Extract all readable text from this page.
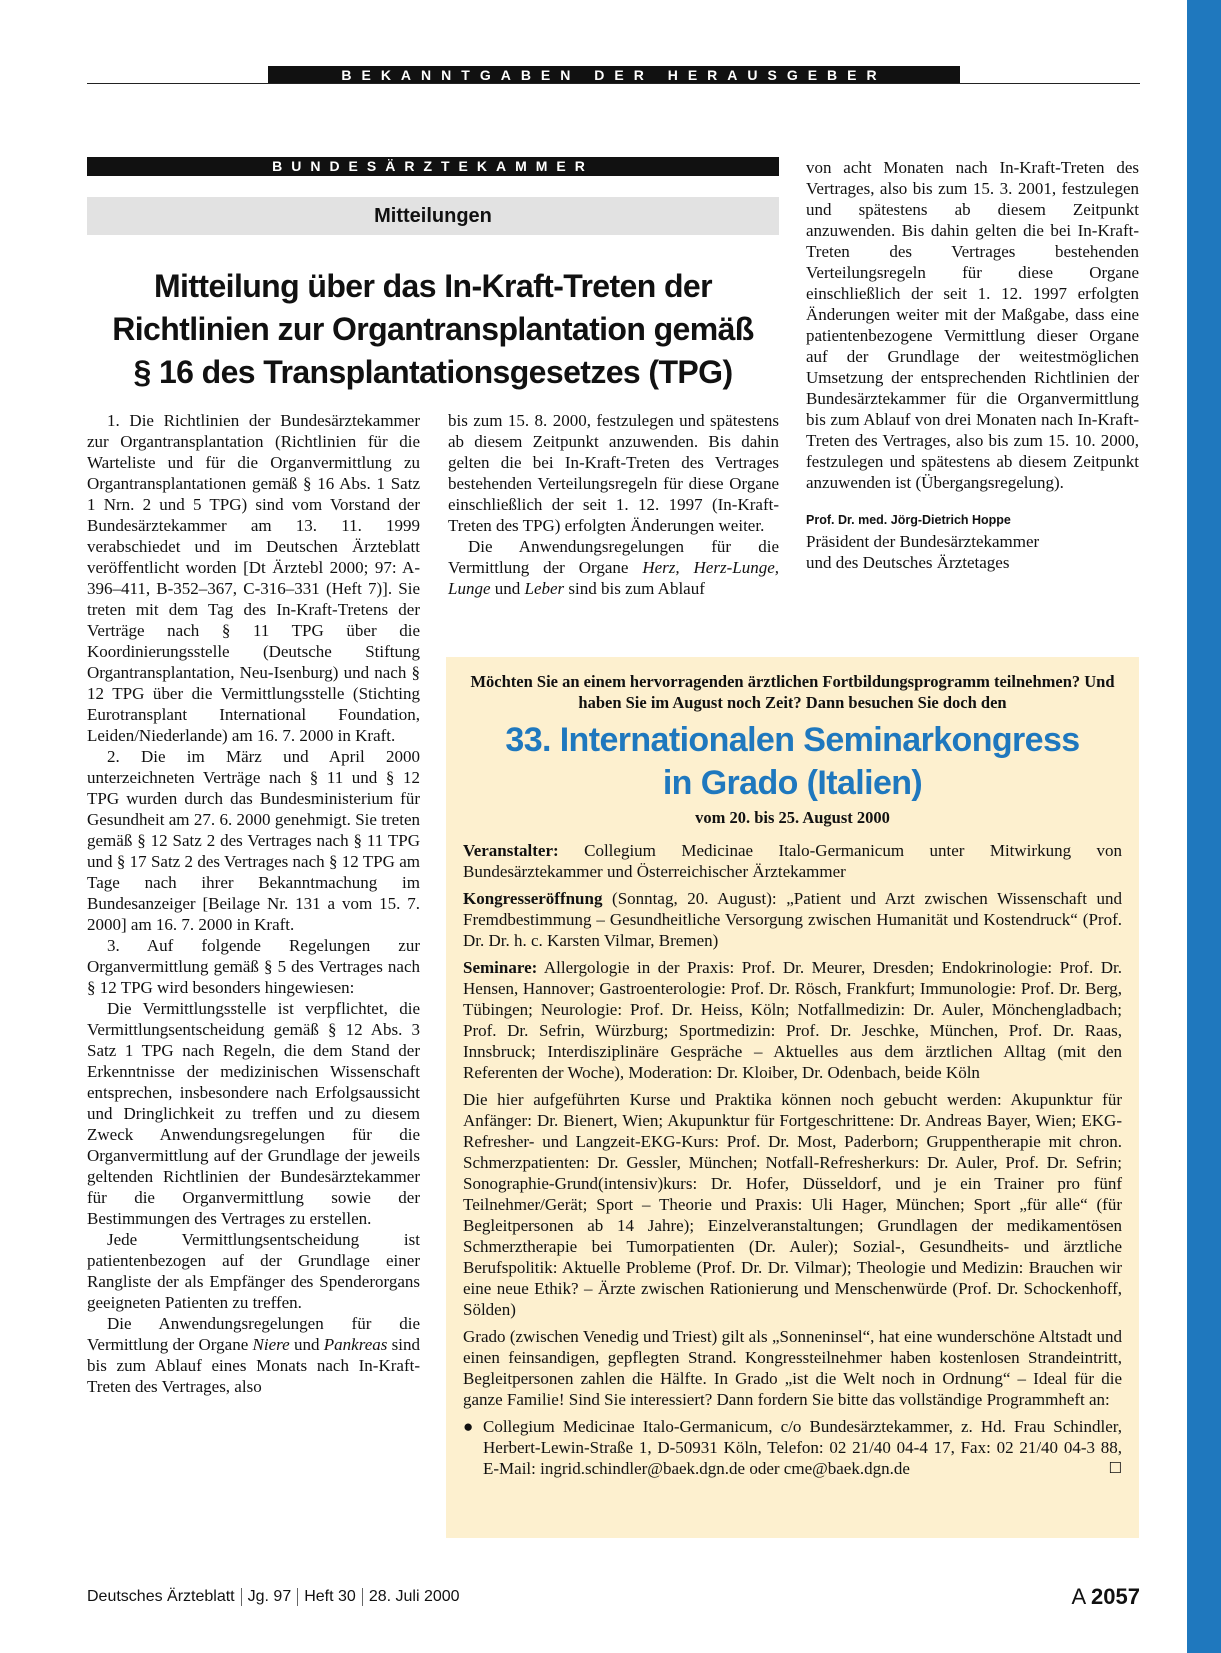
BEKANNTGABEN DER HERAUSGEBER
BUNDESÄRZTEKAMMER
Mitteilungen
Mitteilung über das In-Kraft-Treten der
Richtlinien zur Organtransplantation gemäß
§ 16 des Transplantationsgesetzes (TPG)

1. Die Richtlinien der Bundesärztekammer zur Organtransplantation (Richtlinien für die Warteliste und für die Organvermittlung zu Organtransplantationen gemäß § 16 Abs. 1 Satz 1 Nrn. 2 und 5 TPG) sind vom Vorstand der Bundesärztekammer am 13. 11. 1999 verabschiedet und im Deutschen Ärzteblatt veröffentlicht worden [Dt Ärztebl 2000; 97: A-396–411, B-352–367, C-316–331 (Heft 7)]. Sie treten mit dem Tag des In-Kraft-Tretens der Verträge nach § 11 TPG über die Koordinierungsstelle (Deutsche Stiftung Organtransplantation, Neu-Isenburg) und nach § 12 TPG über die Vermittlungsstelle (Stichting Eurotransplant International Foundation, Leiden/Niederlande) am 16. 7. 2000 in Kraft.

2. Die im März und April 2000 unterzeichneten Verträge nach § 11 und § 12 TPG wurden durch das Bundesministerium für Gesundheit am 27. 6. 2000 genehmigt. Sie treten gemäß § 12 Satz 2 des Vertrages nach § 11 TPG und § 17 Satz 2 des Vertrages nach § 12 TPG am Tage nach ihrer Bekanntmachung im Bundesanzeiger [Beilage Nr. 131 a vom 15. 7. 2000] am 16. 7. 2000 in Kraft.

3. Auf folgende Regelungen zur Organvermittlung gemäß § 5 des Vertrages nach § 12 TPG wird besonders hingewiesen:

Die Vermittlungsstelle ist verpflichtet, die Vermittlungsentscheidung gemäß § 12 Abs. 3 Satz 1 TPG nach Regeln, die dem Stand der Erkenntnisse der medizinischen Wissenschaft entsprechen, insbesondere nach Erfolgsaussicht und Dringlichkeit zu treffen und zu diesem Zweck Anwendungsregelungen für die Organvermittlung auf der Grundlage der jeweils geltenden Richtlinien der Bundesärztekammer für die Organvermittlung sowie der Bestimmungen des Vertrages zu erstellen.

Jede Vermittlungsentscheidung ist patientenbezogen auf der Grundlage einer Rangliste der als Empfänger des Spenderorgans geeigneten Patienten zu treffen.

Die Anwendungsregelungen für die Vermittlung der Organe Niere und Pankreas sind bis zum Ablauf eines Monats nach In-Kraft-Treten des Vertrages, also

bis zum 15. 8. 2000, festzulegen und spätestens ab diesem Zeitpunkt anzuwenden. Bis dahin gelten die bei In-Kraft-Treten des Vertrages bestehenden Verteilungsregeln für diese Organe einschließlich der seit 1. 12. 1997 (In-Kraft-Treten des TPG) erfolgten Änderungen weiter.

Die Anwendungsregelungen für die Vermittlung der Organe Herz, Herz-Lunge, Lunge und Leber sind bis zum Ablauf

von acht Monaten nach In-Kraft-Treten des Vertrages, also bis zum 15. 3. 2001, festzulegen und spätestens ab diesem Zeitpunkt anzuwenden. Bis dahin gelten die bei In-Kraft-Treten des Vertrages bestehenden Verteilungsregeln für diese Organe einschließlich der seit 1. 12. 1997 erfolgten Änderungen weiter mit der Maßgabe, dass eine patientenbezogene Vermittlung dieser Organe auf der Grundlage der weitestmöglichen Umsetzung der entsprechenden Richtlinien der Bundesärztekammer für die Organvermittlung bis zum Ablauf von drei Monaten nach In-Kraft-Treten des Vertrages, also bis zum 15. 10. 2000, festzulegen und spätestens ab diesem Zeitpunkt anzuwenden ist (Übergangsregelung).

Prof. Dr. med. Jörg-Dietrich Hoppe
Präsident der Bundesärztekammer
und des Deutsches Ärztetages
Möchten Sie an einem hervorragenden ärztlichen Fortbildungsprogramm teilnehmen? Und haben Sie im August noch Zeit? Dann besuchen Sie doch den
33. Internationalen Seminarkongress
in Grado (Italien)
vom 20. bis 25. August 2000

Veranstalter: Collegium Medicinae Italo-Germanicum unter Mitwirkung von Bundesärztekammer und Österreichischer Ärztekammer

Kongresseröffnung (Sonntag, 20. August): „Patient und Arzt zwischen Wissenschaft und Fremdbestimmung – Gesundheitliche Versorgung zwischen Humanität und Kostendruck“ (Prof. Dr. Dr. h. c. Karsten Vilmar, Bremen)

Seminare: Allergologie in der Praxis: Prof. Dr. Meurer, Dresden; Endokrinologie: Prof. Dr. Hensen, Hannover; Gastroenterologie: Prof. Dr. Rösch, Frankfurt; Immunologie: Prof. Dr. Berg, Tübingen; Neurologie: Prof. Dr. Heiss, Köln; Notfallmedizin: Dr. Auler, Mönchengladbach; Prof. Dr. Sefrin, Würzburg; Sportmedizin: Prof. Dr. Jeschke, München, Prof. Dr. Raas, Innsbruck; Interdisziplinäre Gespräche – Aktuelles aus dem ärztlichen Alltag (mit den Referenten der Woche), Moderation: Dr. Kloiber, Dr. Odenbach, beide Köln

Die hier aufgeführten Kurse und Praktika können noch gebucht werden: Akupunktur für Anfänger: Dr. Bienert, Wien; Akupunktur für Fortgeschrittene: Dr. Andreas Bayer, Wien; EKG-Refresher- und Langzeit-EKG-Kurs: Prof. Dr. Most, Paderborn; Gruppentherapie mit chron. Schmerzpatienten: Dr. Gessler, München; Notfall-Refresherkurs: Dr. Auler, Prof. Dr. Sefrin; Sonographie-Grund(intensiv)kurs: Dr. Hofer, Düsseldorf, und je ein Trainer pro fünf Teilnehmer/Gerät; Sport – Theorie und Praxis: Uli Hager, München; Sport „für alle“ (für Begleitpersonen ab 14 Jahre); Einzelveranstaltungen; Grundlagen der medikamentösen Schmerztherapie bei Tumorpatienten (Dr. Auler); Sozial-, Gesundheits- und ärztliche Berufspolitik: Aktuelle Probleme (Prof. Dr. Dr. Vilmar); Theologie und Medizin: Brauchen wir eine neue Ethik? – Ärzte zwischen Rationierung und Menschenwürde (Prof. Dr. Schockenhoff, Sölden)

Grado (zwischen Venedig und Triest) gilt als „Sonneninsel“, hat eine wunderschöne Altstadt und einen feinsandigen, gepflegten Strand. Kongressteilnehmer haben kostenlosen Strandeintritt, Begleitpersonen zahlen die Hälfte. In Grado „ist die Welt noch in Ordnung“ – Ideal für die ganze Familie! Sind Sie interessiert? Dann fordern Sie bitte das vollständige Programmheft an:

● Collegium Medicinae Italo-Germanicum, c/o Bundesärztekammer, z. Hd. Frau Schindler, Herbert-Lewin-Straße 1, D-50931 Köln, Telefon: 02 21/40 04-4 17, Fax: 02 21/40 04-3 88, E-Mail: ingrid.schindler@baek.dgn.de oder cme@baek.dgn.de	☐
Deutsches Ärzteblatt Jg. 97 Heft 30 28. Juli 2000	A 2057
